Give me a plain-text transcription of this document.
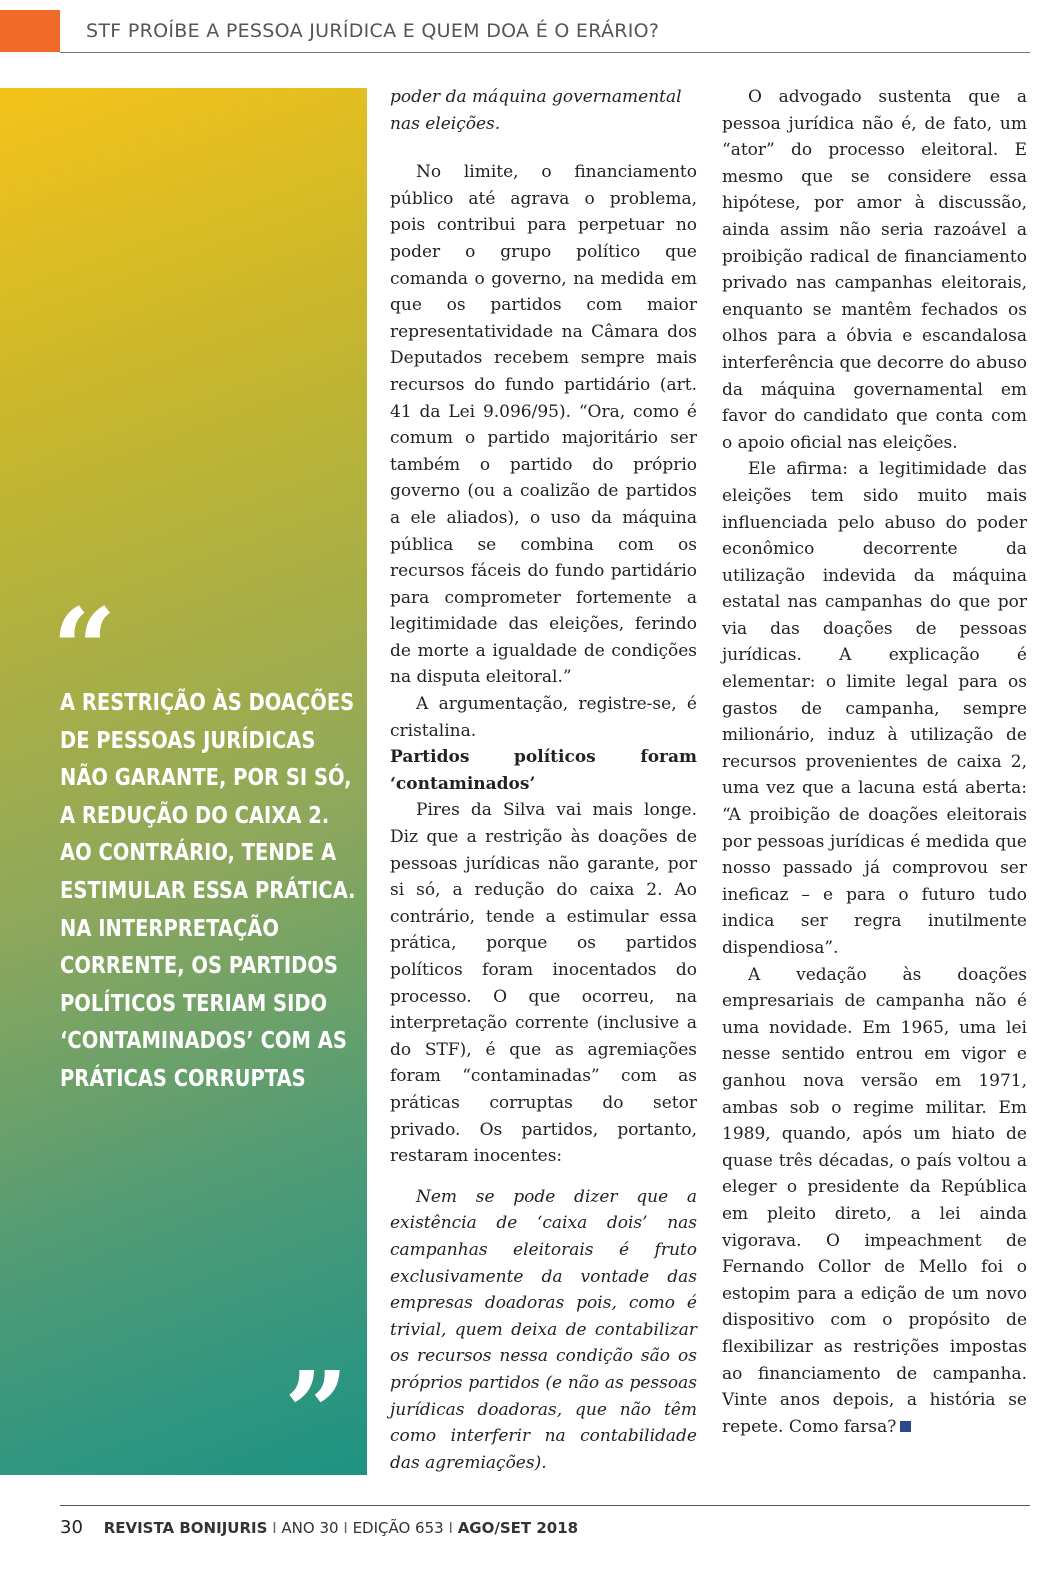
STF PROÍBE A PESSOA JURÍDICA E QUEM DOA É O ERÁRIO?
“

A RESTRIÇÃO ÀS DOAÇÕES DE PESSOAS JURÍDICAS NÃO GARANTE, POR SI SÓ, A REDUÇÃO DO CAIXA 2. AO CONTRÁRIO, TENDE A ESTIMULAR ESSA PRÁTICA. NA INTERPRETAÇÃO CORRENTE, OS PARTIDOS POLÍTICOS TERIAM SIDO ‘CONTAMINADOS’ COM AS PRÁTICAS CORRUPTAS

”

poder da máquina governamental nas eleições.

No limite, o financiamento público até agrava o problema, pois contribui para perpetuar no poder o grupo político que comanda o governo, na medida em que os partidos com maior representatividade na Câmara dos Deputados recebem sempre mais recursos do fundo partidário (art. 41 da Lei 9.096/95). “Ora, como é comum o partido majoritário ser também o partido do próprio governo (ou a coalizão de partidos a ele aliados), o uso da máquina pública se combina com os recursos fáceis do fundo partidário para comprometer fortemente a legitimidade das eleições, ferindo de morte a igualdade de condições na disputa eleitoral.”

A argumentação, registre-se, é cristalina.

Partidos políticos foram ‘contaminados’

Pires da Silva vai mais longe. Diz que a restrição às doações de pessoas jurídicas não garante, por si só, a redução do caixa 2. Ao contrário, tende a estimular essa prática, porque os partidos políticos foram inocentados do processo. O que ocorreu, na interpretação corrente (inclusive a do STF), é que as agremiações foram “contaminadas” com as práticas corruptas do setor privado. Os partidos, portanto, restaram inocentes:

Nem se pode dizer que a existência de ‘caixa dois’ nas campanhas eleitorais é fruto exclusivamente da vontade das empresas doadoras pois, como é trivial, quem deixa de contabilizar os recursos nessa condição são os próprios partidos (e não as pessoas jurídicas doadoras, que não têm como interferir na contabilidade das agremiações).

O advogado sustenta que a pessoa jurídica não é, de fato, um “ator” do processo eleitoral. E mesmo que se considere essa hipótese, por amor à discussão, ainda assim não seria razoável a proibição radical de financiamento privado nas campanhas eleitorais, enquanto se mantêm fechados os olhos para a óbvia e escandalosa interferência que decorre do abuso da máquina governamental em favor do candidato que conta com o apoio oficial nas eleições.

Ele afirma: a legitimidade das eleições tem sido muito mais influenciada pelo abuso do poder econômico decorrente da utilização indevida da máquina estatal nas campanhas do que por via das doações de pessoas jurídicas. A explicação é elementar: o limite legal para os gastos de campanha, sempre milionário, induz à utilização de recursos provenientes de caixa 2, uma vez que a lacuna está aberta: “A proibição de doações eleitorais por pessoas jurídicas é medida que nosso passado já comprovou ser ineficaz – e para o futuro tudo indica ser regra inutilmente dispendiosa”.

A vedação às doações empresariais de campanha não é uma novidade. Em 1965, uma lei nesse sentido entrou em vigor e ganhou nova versão em 1971, ambas sob o regime militar. Em 1989, quando, após um hiato de quase três décadas, o país voltou a eleger o presidente da República em pleito direto, a lei ainda vigorava. O impeachment de Fernando Collor de Mello foi o estopim para a edição de um novo dispositivo com o propósito de flexibilizar as restrições impostas ao financiamento de campanha. Vinte anos depois, a história se repete. Como farsa?

30 REVISTA BONIJURIS I ANO 30 I EDIÇÃO 653 I AGO/SET 2018
